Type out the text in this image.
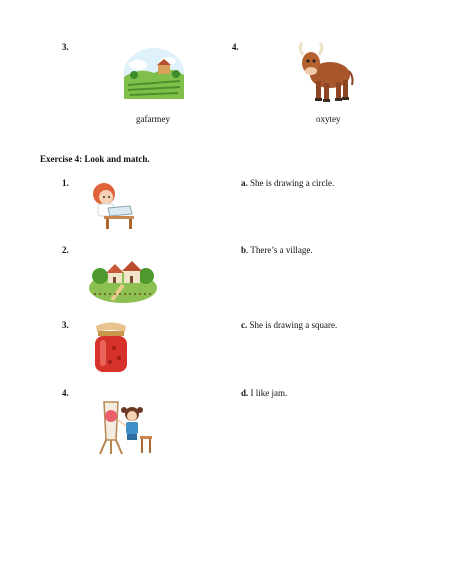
3.
gafarmey
4.
oxytey
Exercise 4: Look and match.
1.	a. She is drawing a circle.
2.	b. There’s a village.
3.	c. She is drawing a square.
4.	d. I like jam.
